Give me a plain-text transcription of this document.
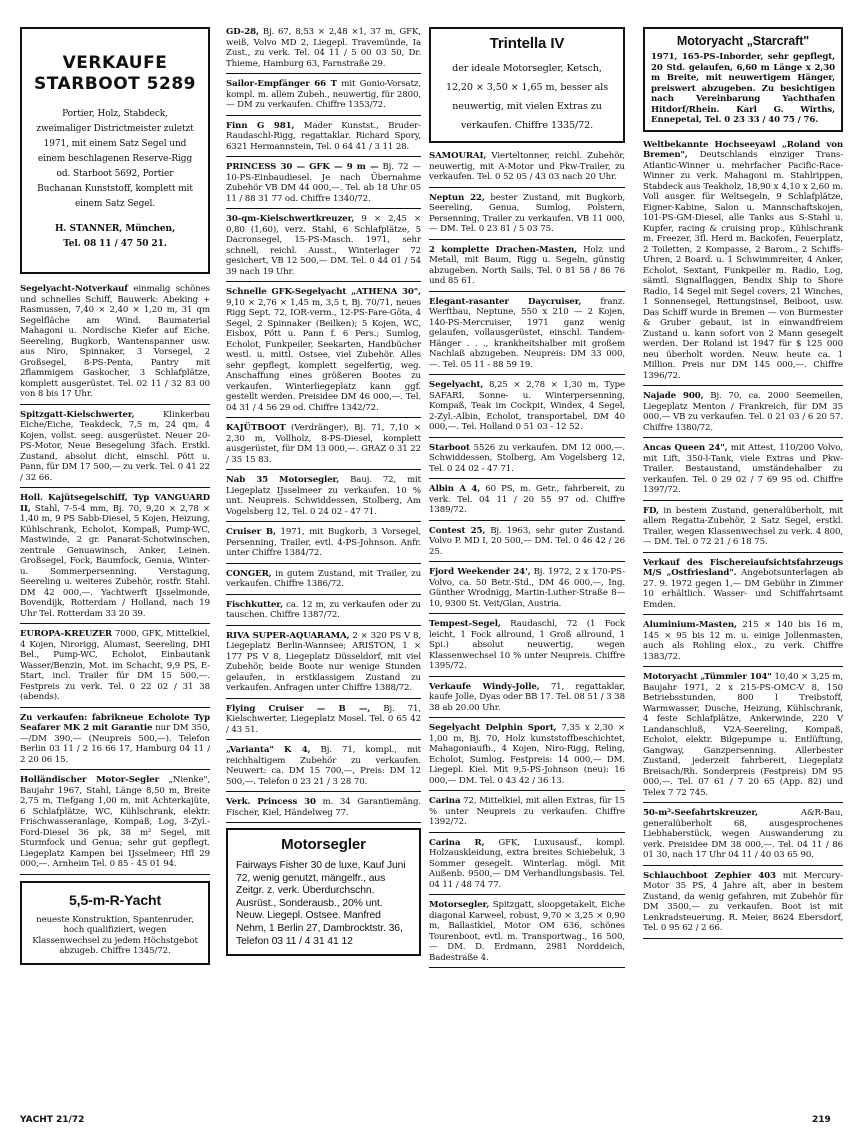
VERKAUFE
STARBOOT 5289
Portier, Holz, Stabdeck, zweimaliger Districtmeister zuletzt 1971, mit einem Satz Segel und einem beschlagenen Reserve-Rigg od. Starboot 5692, Portier Buchanan Kunststoff, komplett mit einem Satz Segel.
H. STANNER, München,
Tel. 08 11 / 47 50 21.
Segelyacht-Notverkauf einmalig schönes und schnelles Schiff, Bauwerk: Abeking + Rasmussen, 7,40 × 2,40 × 1,20 m, 31 qm Segelfläche am Wind. Baumaterial Mahagoni u. Nordische Kiefer auf Eiche. Seereling, Bugkorb, Wantenspanner usw. aus Niro, Spinnaker, 3 Vorsegel, 2 Großsegel, 8-PS-Penta, Pantry mit 2flammigem Gaskocher, 3 Schlafplätze, komplett ausgerüstet. Tel. 02 11 / 32 83 00 von 8 bis 17 Uhr.
Spitzgatt-Kielschwerter,	Klinkerbau Eiche/Eiche, Teakdeck, 7,5 m, 24 qm, 4 Kojen, vollst. seeg. ausgerüstet. Neuer 20-PS-Motor, Neue Besegelung 3fach. Erstkl. Zustand, absolut dicht, einschl. Pött u. Pann, für DM 17 500,— zu verk. Tel. 0 41 22 / 32 66.
Holl. Kajütsegelschiff, Typ VANGUARD II, Stahl, 7-5-4 mm, Bj. 70, 9,20 × 2,78 × 1,40 m, 9 PS Sabb-Diesel, 5 Kojen, Heizung, Kühlschrank, Echolot, Kompaß, Pump-WC, Mastwinde, 2 gr. Panarat-Schotwinschen, zentrale Genuawinsch, Anker, Leinen. Großsegel, Fock, Baumfock, Genua, Winter- u. Sommerpersenning. Verstagung, Seereling u. weiteres Zubehör, rostfr. Stahl. DM 42 000,—. Yachtwerft IJsselmonde, Bovendijk, Rotterdam / Holland, nach 19 Uhr Tel. Rotterdam 33 20 39.
EUROPA-KREUZER 7000, GFK, Mittelkiel, 4 Kojen, Nirorigg, Alumast, Seereling, DHI Bel., Pump-WC, Echolot, Einbautank Wasser/Benzin, Mot. im Schacht, 9,9 PS, E-Start, incl. Trailer für DM 15 500,—. Festpreis zu verk. Tel. 0 22 02 / 31 38 (abends).
Zu verkaufen: fabrikneue Echolote Typ Seafarer MK 2 mit Garantie nur DM 350,—/DM 390,— (Neupreis 500,—). Telefon Berlin 03 11 / 2 16 66 17, Hamburg 04 11 / 2 20 06 15.
Holländischer Motor-Segler „Nienke", Baujahr 1967, Stahl, Länge 8,50 m, Breite 2,75 m, Tiefgang 1,00 m, mit Achterkajüte, 6 Schlafplätze, WC, Kühlschrank, elektr. Frischwasseranlage, Kompaß, Log, 3-Zyl.-Ford-Diesel 36 pk, 38 m² Segel, mit Sturmfock und Genua; sehr gut gepflegt. Liegeplatz Kampen bei IJsselmeer; Hfl 29 000,—. Arnheim Tel. 0 85 - 45 01 94.
5,5-m-R-Yacht
neueste Konstruktion, Spantenruder, hoch qualifiziert, wegen Klassenwechsel zu jedem Höchstgebot abzugeb. Chiffre 1345/72.
GD-28, Bj. 67, 8,53 × 2,48 ×1, 37 m, GFK, weiß, Volvo MD 2, Liegepl. Travemünde, Ia Zust., zu verk. Tel. 04 11 / 5 00 03 50, Dr. Thieme, Hamburg 63, Farnstraße 29.
Sailor-Empfänger 66 T mit Gonio-Vorsatz, kompl. m. allem Zubeh., neuwertig, für 2800,— DM zu verkaufen. Chiffre 1353/72.
Finn G 981, Mader Kunstst., Bruder-Raudaschl-Rigg, regattaklar. Richard Spory, 6321 Hermannstein, Tel. 0 64 41 / 3 11 28.
PRINCESS 30 — GFK — 9 m — Bj. 72 — 10-PS-Einbaudiesel. Je nach Übernahme Zubehör VB DM 44 000,—. Tel. ab 18 Uhr 05 11 / 88 31 77 od. Chiffre 1340/72.
30-qm-Kielschwertkreuzer, 9 × 2,45 × 0,80 (1,60), verz. Stahl, 6 Schlafplätze, 5 Dacronsegel, 15-PS-Masch. 1971, sehr schnell, reichl. Ausst., Winterlager 72 gesichert, VB 12 500,— DM. Tel. 0 44 01 / 54 39 nach 19 Uhr.
Schnelle GFK-Segelyacht „ATHENA 30", 9,10 × 2,76 × 1,45 m, 3,5 t, Bj. 70/71, neues Rigg Sept. 72, IOR-verm., 12-PS-Fare-Göta, 4 Segel, 2 Spinnaker (Beilken); 5 Kojen, WC, Eisbox, Pött u. Pann f. 6 Pers.; Sumlog, Echolot, Funkpeiler, Seekarten, Handbücher westl. u. mittl. Ostsee, viel Zubehör. Alles sehr gepflegt, komplett segelfertig, weg. Anschaffung eines größeren Bootes zu verkaufen. Winterliegeplatz kann ggf. gestellt werden. Preisidee DM 46 000,—. Tel. 04 31 / 4 56 29 od. Chiffre 1342/72.
KAJÜTBOOT (Verdränger), Bj. 71, 7,10 × 2,30 m, Vollholz, 8-PS-Diesel, komplett ausgerüstet, für DM 13 000,—. GRAZ 0 31 22 / 35 15 83.
Nab 35 Motorsegler, Bauj. 72, mit Liegeplatz IJsselmeer zu verkaufen. 10 % unt. Neupreis. Schwiddessen, Stolberg, Am Vogelsberg 12, Tel. 0 24 02 - 47 71.
Cruiser B, 1971, mit Bugkorb, 3 Vorsegel, Persenning, Trailer, evtl. 4-PS-Johnson. Anfr. unter Chiffre 1384/72.
CONGER, in gutem Zustand, mit Trailer, zu verkaufen. Chiffre 1386/72.
Fischkutter, ca. 12 m, zu verkaufen oder zu tauschen. Chiffre 1387/72.
RIVA SUPER-AQUARAMA, 2 × 320 PS V 8, Liegeplatz Berlin-Wannsee; ARISTON, 1 × 177 PS V 8, Liegeplatz Düsseldorf, mit viel Zubehör, beide Boote nur wenige Stunden gelaufen, in erstklassigem Zustand zu verkaufen. Anfragen unter Chiffre 1388/72.
Flying Cruiser — B —, Bj. 71, Kielschwerter, Liegeplatz Mosel. Tel. 0 65 42 / 43 51.
„Varianta" K 4, Bj. 71, kompl., mit reichhaltigem Zubehör zu verkaufen. Neuwert: ca. DM 15 700,—, Preis: DM 12 500,—. Telefon 0 23 21 / 3 28 70.
Verk. Princess 30 m. 34 Garantiemäng. Fischer, Kiel, Händelweg 77.
Motorsegler
Fairways Fisher 30 de luxe, Kauf Juni 72, wenig genutzt, mängelfr., aus Zeitgr. z. verk. Überdurchschn. Ausrüst., Sonderausb., 20% unt. Neuw. Liegepl. Ostsee. Manfred Nehm, 1 Berlin 27, Dambrocktstr. 36, Telefon 03 11 / 4 31 41 12
Trintella IV
der ideale Motorsegler, Ketsch, 12,20 × 3,50 × 1,65 m, besser als neuwertig, mit vielen Extras zu verkaufen. Chiffre 1335/72.
SAMOURAI, Vierteltonner, reichl. Zubehör, neuwertig, mit A-Motor und Pkw-Trailer, zu verkaufen. Tel. 0 52 05 / 43 03 nach 20 Uhr.
Neptun 22, bester Zustand, mit Bugkorb, Seereling, Genua, Sumlog, Polstern, Persenning, Trailer zu verkaufen. VB 11 000,— DM. Tel. 0 23 81 / 5 03 75.
2 komplette Drachen-Masten, Holz und Metall, mit Baum, Rigg u. Segeln, günstig abzugeben. North Sails, Tel. 0 81 58 / 86 76 und 85 61.
Elegant-rasanter Daycruiser, franz. Werftbau, Neptune, 550 x 210 — 2 Kojen, 140-PS-Mercruiser, 1971 ganz wenig gelaufen, vollausgerüstet, einschl. Tandem-Hänger . . ., krankheitshalber mit großem Nachlaß abzugeben. Neupreis: DM 33 000,—. Tel. 05 11 - 88 59 19.
Segelyacht, 8,25 × 2,78 × 1,30 m, Type SAFARI, Sonne- u. Winterpersenning, Kompaß, Teak im Cockpit, Windex, 4 Segel, 2-Zyl.-Albin, Echolot, transportabel, DM 40 000,—. Tel. Holland 0 51 03 - 12 52.
Starboot 5526 zu verkaufen. DM 12 000,—. Schwiddessen, Stolberg, Am Vogelsberg 12, Tel. 0 24 02 - 47 71.
Albin A 4, 60 PS, m. Getr., fahrbereit, zu verk. Tel. 04 11 / 20 55 97 od. Chiffre 1389/72.
Contest 25, Bj. 1963, sehr guter Zustand. Volvo P. MD I, 20 500,— DM. Tel. 0 46 42 / 26 25.
Fjord Weekender 24', Bj. 1972, 2 x 170-PS-Volvo, ca. 50 Betr.-Std., DM 46 000,—, Ing. Günther Wrodnigg, Martin-Luther-Straße 8—10, 9300 St. Veit/Glan, Austria.
Tempest-Segel, Raudaschl, 72 (1 Fock leicht, 1 Fock allround, 1 Groß allround, 1 Spi.) absolut neuwertig, wegen Klassenwechsel 10 % unter Neupreis. Chiffre 1395/72.
Verkaufe Windy-Jolle, 71, regattaklar, kaufe Jolle, Dyas oder BB 17. Tel. 08 51 / 3 38 38 ab 20.00 Uhr.
Segelyacht Delphin Sport, 7,35 x 2,30 × 1,00 m, Bj. 70, Holz kunststoffbeschichtet, Mahagoniaufb., 4 Kojen, Niro-Rigg, Reling, Echolot, Sumlog. Festpreis: 14 000,— DM. Liegepl. Kiel. Mit 9,5-PS-Johnson (neu): 16 000,— DM. Tel. 0 43 42 / 36 13.
Carina 72, Mittelkiel, mit allen Extras, für 15 % unter Neupreis zu verkaufen. Chiffre 1392/72.
Carina R, GFK, Luxusausf., kompl. Holzauskleidung, extra breites Schiebeluk, 3 Sommer gesegelt. Winterlag. mögl. Mit Außenb. 9500,— DM Verhandlungsbasis. Tel. 04 11 / 48 74 77.
Motorsegler, Spitzgatt, sloopgetakelt, Eiche diagonal Karweel, robust, 9,70 × 3,25 × 0,90 m, Ballastkiel, Motor OM 636, schönes Tourenboot, evtl. m. Transportwag., 16 500,— DM. D. Erdmann, 2981 Norddeich, Badestraße 4.
Motoryacht „Starcraft"
1971, 165-PS-Inborder, sehr gepflegt, 20 Std. gelaufen, 6,60 m Länge x 2,30 m Breite, mit neuwertigem Hänger, preiswert abzugeben. Zu besichtigen nach Vereinbarung Yachthafen Hitdorf/Rhein. Karl G. Wirths, Ennepetal, Tel. 0 23 33 / 40 75 / 76.
Weltbekannte Hochseeyawl „Roland von Bremen", Deutschlands einziger Trans-Atlantic-Winner u. mehrfacher Pacific-Race-Winner zu verk. Mahagoni m. Stahlrippen, Stabdeck aus Teakholz, 18,90 x 4,10 x 2,60 m. Voll ausger. für Weltsegeln, 9 Schlafplätze, Eigner-Kabine, Salon u. Mannschaftskojen, 101-PS-GM-Diesel, alle Tanks aus S-Stahl u. Kupfer, racing & cruising prop., Kühlschrank m. Freezer, 3fl. Herd m. Backofen, Feuerplatz, 2 Toiletten, 2 Kompasse, 2 Barom., 2 Schiffs-Uhren, 2 Board. u. 1 Schwimmreiter, 4 Anker, Echolot, Sextant, Funkpeiler m. Radio, Log, sämtl. Signalflaggen, Bendix Ship to Shore Radio, 14 Segel mit Segel covers, 21 Winches, 1 Sonnensegel, Rettungsinsel, Beiboot, usw. Das Schiff wurde in Bremen — von Burmester & Gruber gebaut, ist in einwandfreiem Zustand u. kann sofort von 2 Mann gesegelt werden. Der Roland ist 1947 für $ 125 000 neu überholt worden. Neuw. heute ca. 1 Million. Preis nur DM 145 000,—. Chiffre 1396/72.
Najade 900, Bj. 70, ca. 2000 Seemeilen, Liegeplatz Menton / Frankreich, für DM 35 000,— VB zu verkaufen. Tel. 0 21 03 / 6 20 57. Chiffre 1380/72.
Ancas Queen 24", mit Attest, 110/200 Volvo, mit Lift, 350-l-Tank, viele Extras und Pkw-Trailer. Bestaustand, umständehalber zu verkaufen. Tel. 0 29 02 / 7 69 95 od. Chiffre 1397/72.
FD, in bestem Zustand, generalüberholt, mit allem Regatta-Zubehör, 2 Satz Segel, erstkl. Trailer, wegen Klassenwechsel zu verk. 4 800,— DM. Tel. 0 72 21 / 6 18 75.
Verkauf des Fischereiaufsichtsfahrzeugs M/S „Ostfriesland". Angebotsunterlagen ab 27. 9. 1972 gegen 1,— DM Gebühr in Zimmer 10 erhältlich. Wasser- und Schiffahrtsamt Emden.
Aluminium-Masten, 215 × 140 bis 16 m, 145 × 95 bis 12 m. u. einige Jollenmasten, auch als Rohling elox., zu verk. Chiffre 1383/72.
Motoryacht „Tümmler 104" 10,40 × 3,25 m, Baujahr 1971, 2 x 215-PS-OMC-V 8, 150 Betriebsstunden, 800 l Treibstoff, Warmwasser, Dusche, Heizung, Kühlschrank, 4 feste Schlafplätze, Ankerwinde, 220 V Landanschluß, V2A-Seereling, Kompaß, Echolot, elektr. Bilgepumpe u. Entlüftung, Gangway, Ganzpersenning. Allerbester Zustand, jederzeit fahrbereit, Liegeplatz Breisach/Rh. Sonderpreis (Festpreis) DM 95 000,—. Tel. 07 61 / 7 20 65 (App. 82) und Telex 7 72 745.
50-m²-Seefahrtskreuzer,	A&R-Bau, generalüberholt 68, ausgesprochenes Liebhaberstück, wegen Auswanderung zu verk. Preisidee DM 38 000,—. Tel. 04 11 / 86 01 30, nach 17 Uhr 04 11 / 40 03 65 90.
Schlauchboot Zephier 403 mit Mercury-Motor 35 PS, 4 Jahre alt, aber in bestem Zustand, da wenig gefahren, mit Zubehör für DM 3500,— zu verkaufen. Boot ist mit Lenkradsteuerung. R. Meier, 8624 Ebersdorf, Tel. 0 95 62 / 2 66.
YACHT 21/72	219
